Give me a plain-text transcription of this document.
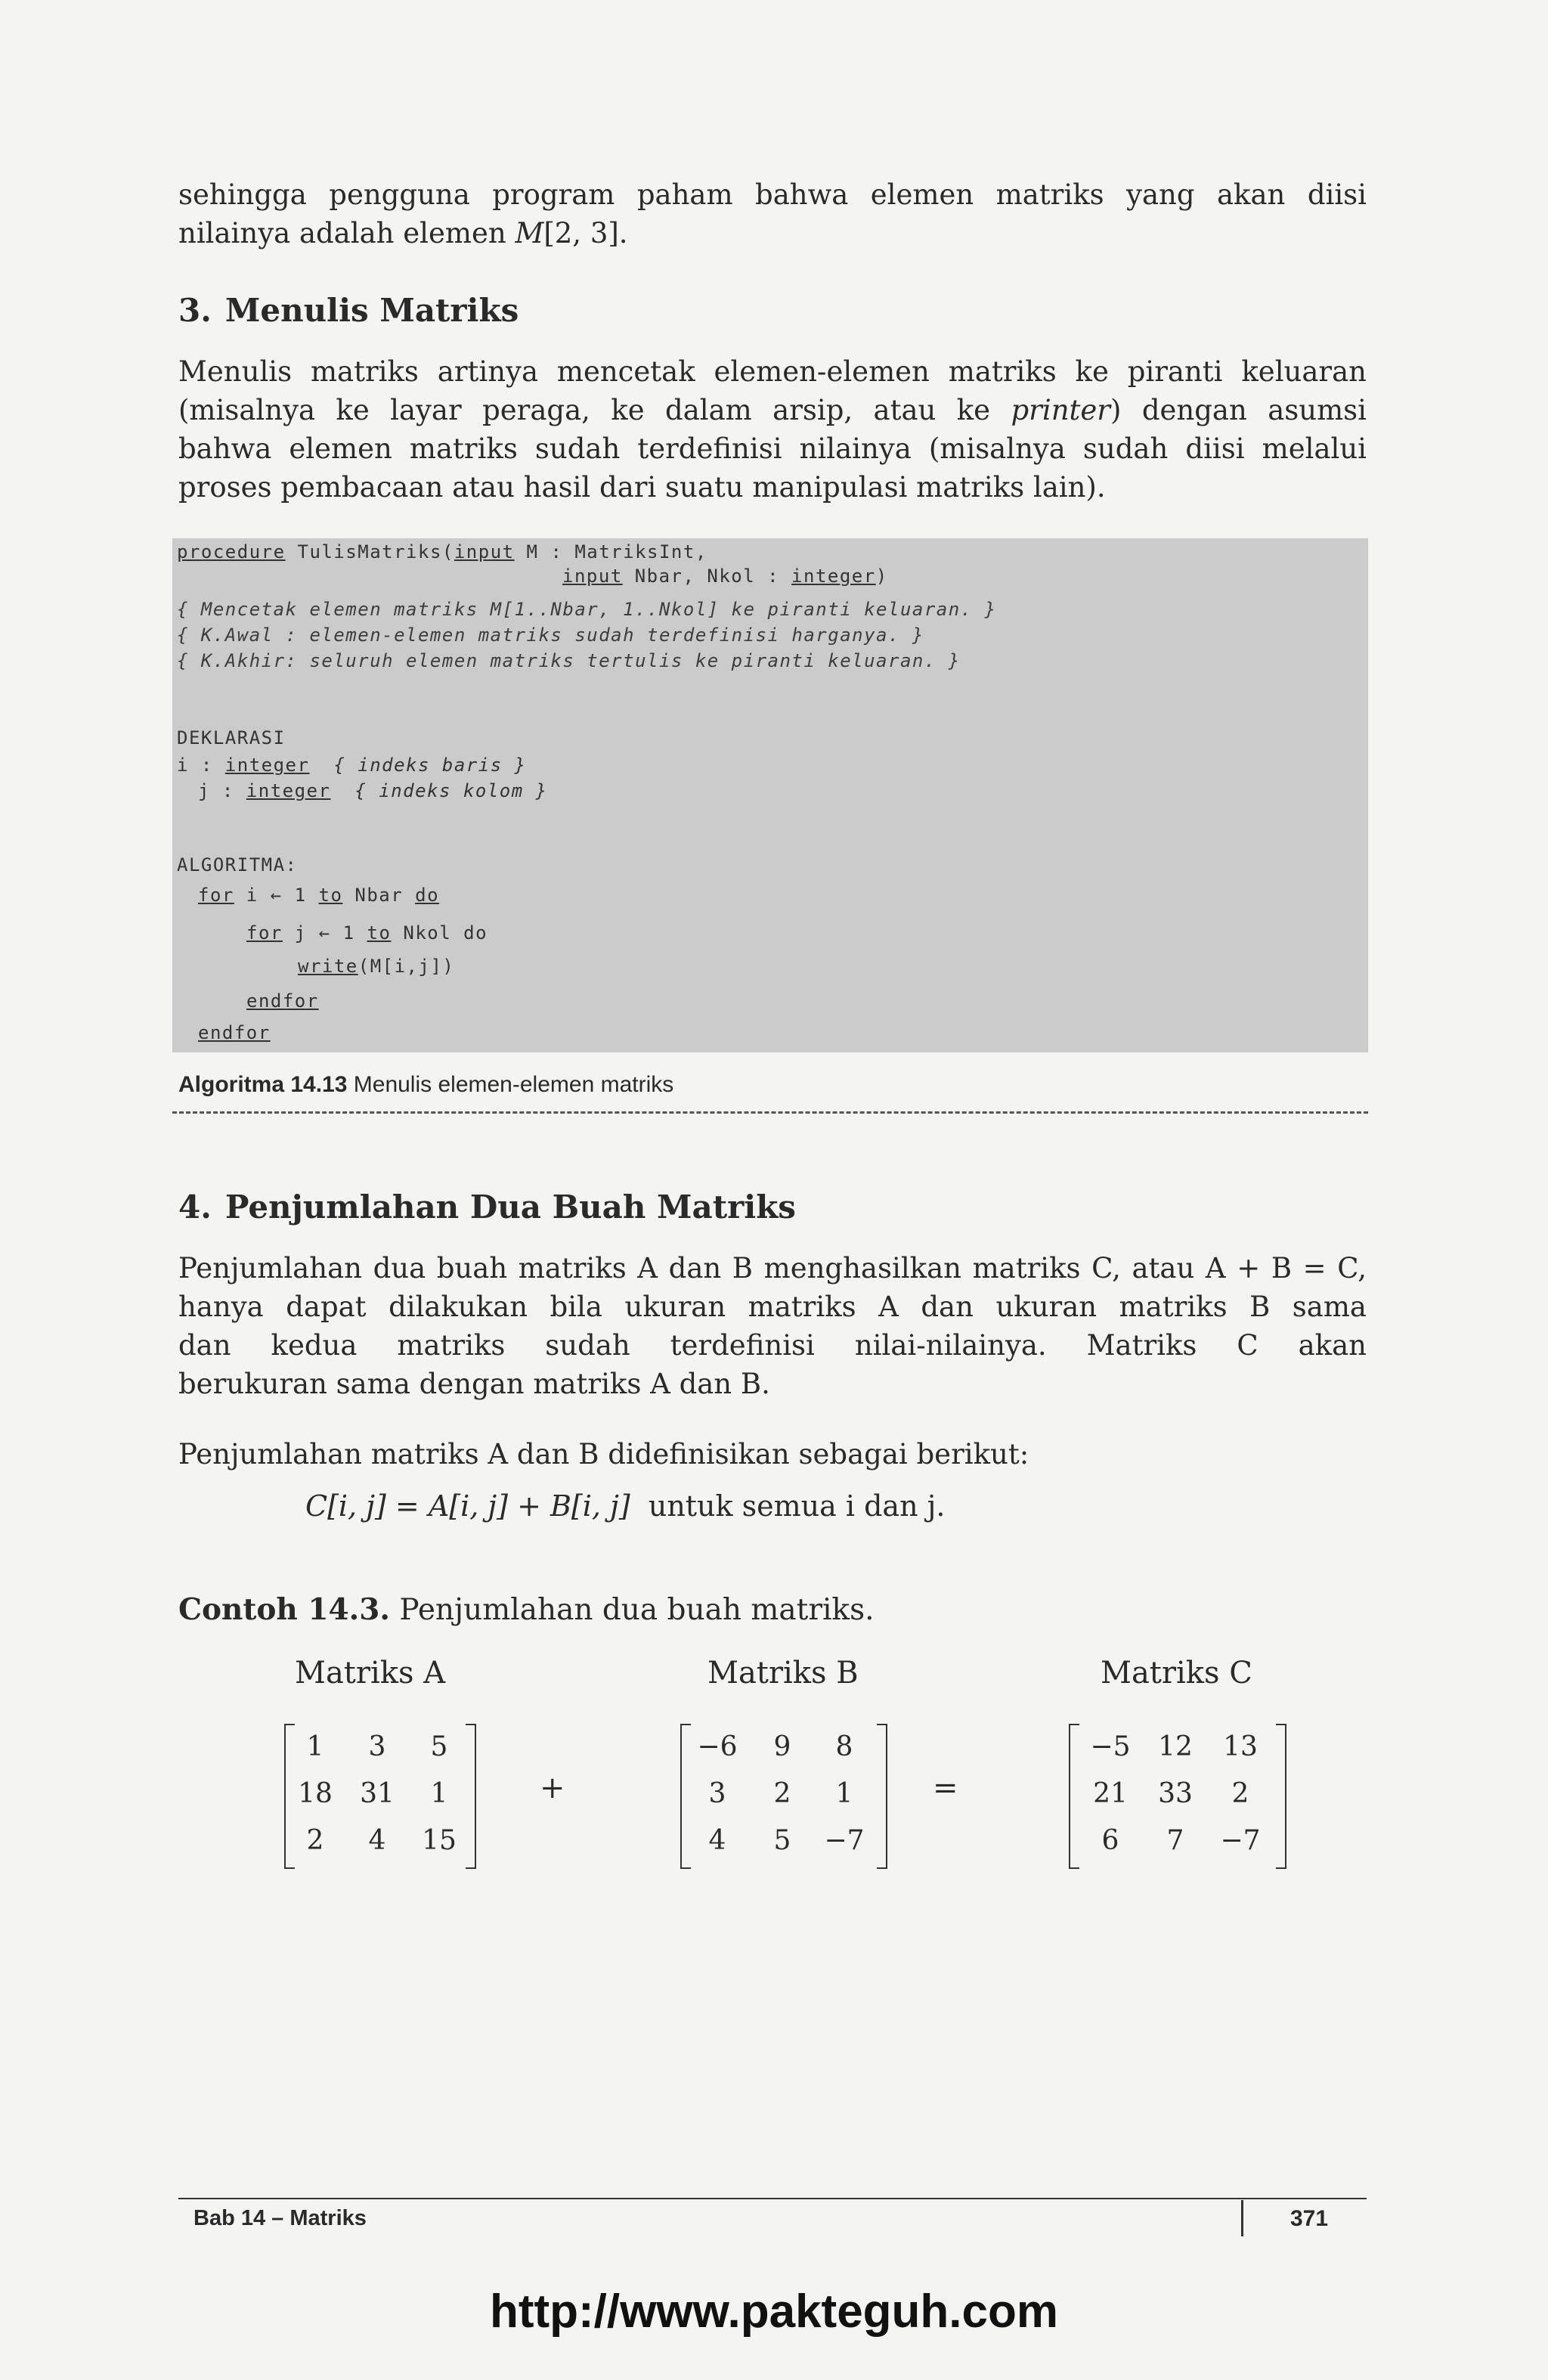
sehingga pengguna program paham bahwa elemen matriks yang akan diisi
nilainya adalah elemen M[2, 3].
3. Menulis Matriks
Menulis matriks artinya mencetak elemen-elemen matriks ke piranti keluaran
(misalnya ke layar peraga, ke dalam arsip, atau ke printer) dengan asumsi
bahwa elemen matriks sudah terdefinisi nilainya (misalnya sudah diisi melalui
proses pembacaan atau hasil dari suatu manipulasi matriks lain).
procedure TulisMatriks(input M : MatriksInt,
input Nbar, Nkol : integer)
{ Mencetak elemen matriks M[1..Nbar, 1..Nkol] ke piranti keluaran. }
{ K.Awal : elemen-elemen matriks sudah terdefinisi harganya. }
{ K.Akhir: seluruh elemen matriks tertulis ke piranti keluaran. }
DEKLARASI
i : integer  { indeks baris }
j : integer  { indeks kolom }
ALGORITMA:
for i ← 1 to Nbar do
for j ← 1 to Nkol do
write(M[i,j])
endfor
endfor
Algoritma 14.13 Menulis elemen-elemen matriks
4. Penjumlahan Dua Buah Matriks
Penjumlahan dua buah matriks A dan B menghasilkan matriks C, atau A + B = C,
hanya dapat dilakukan bila ukuran matriks A dan ukuran matriks B sama
dan kedua matriks sudah terdefinisi nilai-nilainya. Matriks C akan
berukuran sama dengan matriks A dan B.
Penjumlahan matriks A dan B didefinisikan sebagai berikut:
C[i, j] = A[i, j] + B[i, j] untuk semua i dan j.
Contoh 14.3. Penjumlahan dua buah matriks.
Matriks A	Matriks B	Matriks C
1	3	5
18	31	1
2	4	15
+
−6	9	8
3	2	1
4	5	−7
=
−5	12	13
21	33	2
6	7	−7
Bab 14 – Matriks	371
http://www.pakteguh.com
